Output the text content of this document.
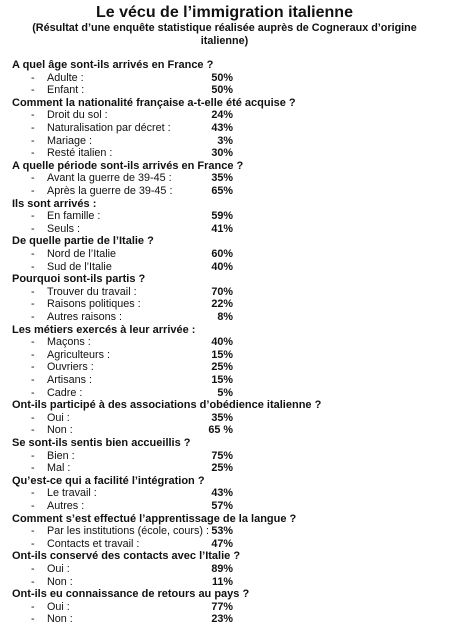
Le vécu de l’immigration italienne
(Résultat d’une enquête statistique réalisée auprès de Cogneraux d’origine
italienne)
A quel âge sont-ils arrivés en France ?
- Adulte :	50%
- Enfant :	50%
Comment la nationalité française a-t-elle été acquise ?
- Droit du sol :	24%
- Naturalisation par décret :	43%
- Mariage :	3%
- Resté italien :	30%
A quelle période sont-ils arrivés en France ?
- Avant la guerre de 39-45 :	35%
- Après la guerre de 39-45 :	65%
Ils sont arrivés :
- En famille :	59%
- Seuls :	41%
De quelle partie de l’Italie ?
- Nord de l’Italie	60%
- Sud de l’Italie	40%
Pourquoi sont-ils partis ?
- Trouver du travail :	70%
- Raisons politiques :	22%
- Autres raisons :	8%
Les métiers exercés à leur arrivée :
- Maçons :	40%
- Agriculteurs :	15%
- Ouvriers :	25%
- Artisans :	15%
- Cadre :	5%
Ont-ils participé à des associations d’obédience italienne ?
- Oui :	35%
- Non :	65 %
Se sont-ils sentis bien accueillis ?
- Bien :	75%
- Mal :	25%
Qu’est-ce qui a facilité l’intégration ?
- Le travail :	43%
- Autres :	57%
Comment s’est effectué l’apprentissage de la langue ?
- Par les institutions (école, cours) : 53%
- Contacts et travail :	47%
Ont-ils conservé des contacts avec l’Italie ?
- Oui :	89%
- Non :	11%
Ont-ils eu connaissance de retours au pays ?
- Oui :	77%
- Non :	23%
